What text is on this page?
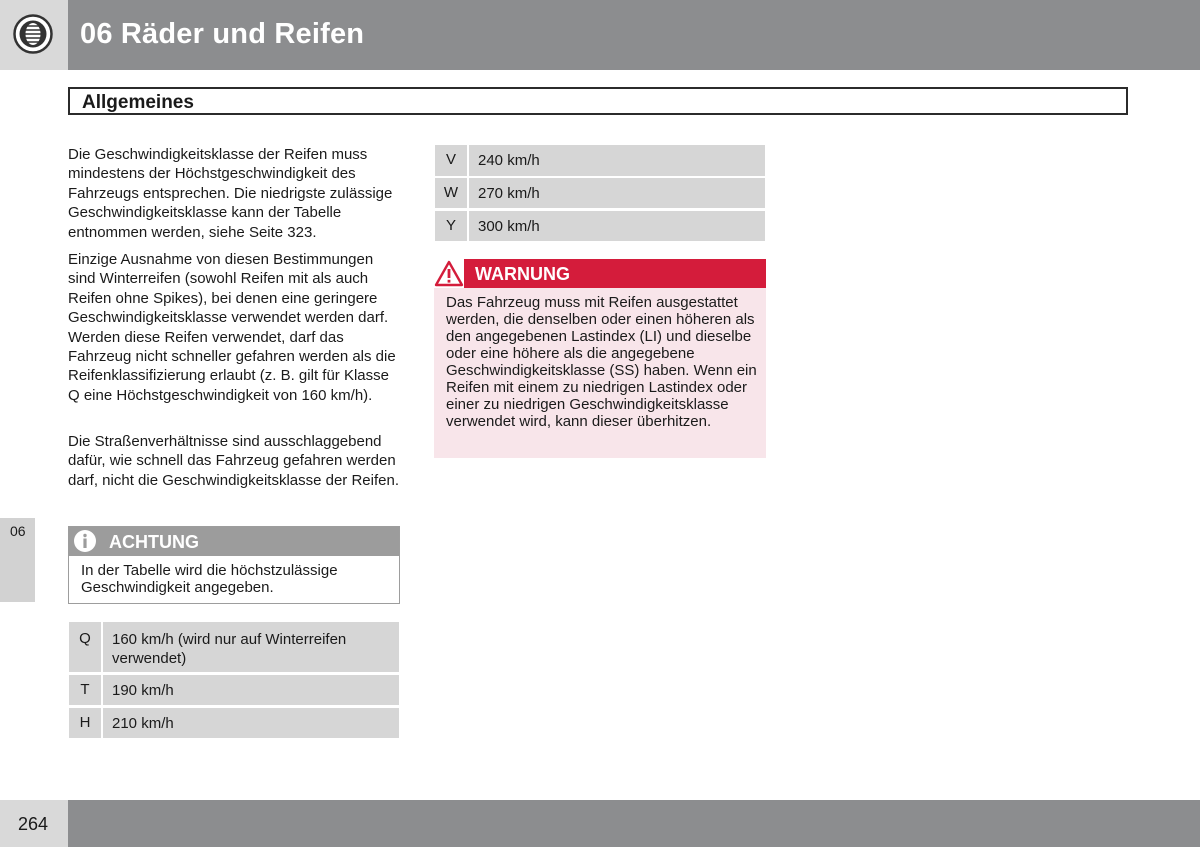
06 Räder und Reifen
Allgemeines

Die Geschwindigkeitsklasse der Reifen muss mindestens der Höchstgeschwindigkeit des Fahrzeugs entsprechen. Die niedrigste zulässige Geschwindigkeitsklasse kann der Tabelle entnommen werden, siehe Seite 323.

Einzige Ausnahme von diesen Bestimmungen sind Winterreifen (sowohl Reifen mit als auch Reifen ohne Spikes), bei denen eine geringere Geschwindigkeitsklasse verwendet werden darf. Werden diese Reifen verwendet, darf das Fahrzeug nicht schneller gefahren werden als die Reifenklassifizierung erlaubt (z. B. gilt für Klasse Q eine Höchstgeschwindigkeit von 160 km/h).

Die Straßenverhältnisse sind ausschlaggebend dafür, wie schnell das Fahrzeug gefahren werden darf, nicht die Geschwindigkeitsklasse der Reifen.

06
ACHTUNG

In der Tabelle wird die höchstzulässige Geschwindigkeit angegeben.

Q	160 km/h (wird nur auf Winterreifen verwendet)
T	190 km/h
H	210 km/h
V	240 km/h
W	270 km/h
Y	300 km/h
WARNUNG

Das Fahrzeug muss mit Reifen ausgestattet werden, die denselben oder einen höheren als den angegebenen Lastindex (LI) und dieselbe oder eine höhere als die angegebene Geschwindigkeitsklasse (SS) haben. Wenn ein Reifen mit einem zu niedrigen Lastindex oder einer zu niedrigen Geschwindigkeitsklasse verwendet wird, kann dieser überhitzen.

264
